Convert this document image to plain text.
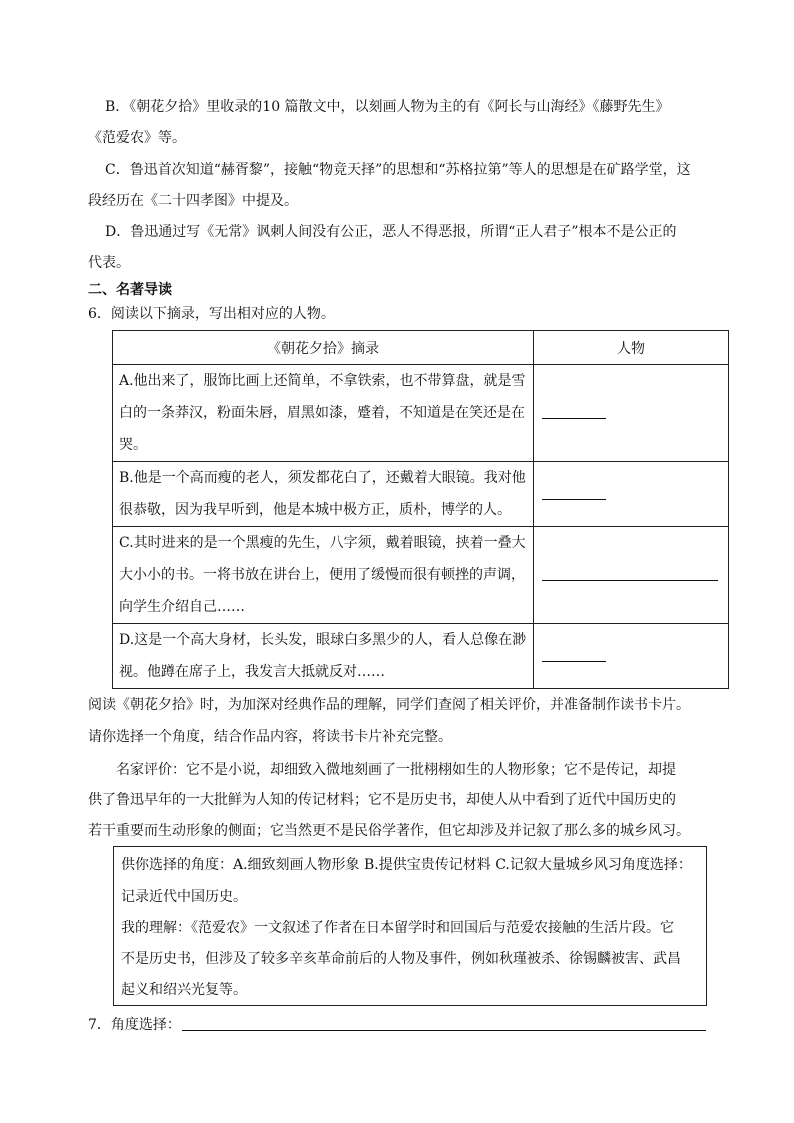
B．《朝花夕拾》里收录的10 篇散文中，以刻画人物为主的有《阿长与山海经》《藤野先生》
《范爱农》等。
C．鲁迅首次知道“赫胥黎”，接触“物竞天择”的思想和“苏格拉第”等人的思想是在矿路学堂，这
段经历在《二十四孝图》中提及。
D．鲁迅通过写《无常》讽刺人间没有公正，恶人不得恶报，所谓“正人君子”根本不是公正的
代表。
二、名著导读
6．阅读以下摘录，写出相对应的人物。
《朝花夕拾》摘录	人物

A.他出来了，服饰比画上还简单，不拿铁索，也不带算盘，就是雪白的一条莽汉，粉面朱唇，眉黑如漆，蹙着，不知道是在笑还是在哭。	

B.他是一个高而瘦的老人，须发都花白了，还戴着大眼镜。我对他很恭敬，因为我早听到，他是本城中极方正，质朴，博学的人。	

C.其时进来的是一个黑瘦的先生，八字须，戴着眼镜，挟着一叠大大小小的书。一将书放在讲台上，便用了缓慢而很有顿挫的声调，向学生介绍自己……	

D.这是一个高大身材，长头发，眼球白多黑少的人，看人总像在渺视。他蹲在席子上，我发言大抵就反对……	

阅读《朝花夕拾》时，为加深对经典作品的理解，同学们查阅了相关评价，并准备制作读书卡片。
请你选择一个角度，结合作品内容，将读书卡片补充完整。
名家评价：它不是小说，却细致入微地刻画了一批栩栩如生的人物形象；它不是传记，却提
供了鲁迅早年的一大批鲜为人知的传记材料；它不是历史书，却使人从中看到了近代中国历史的
若干重要而生动形象的侧面；它当然更不是民俗学著作，但它却涉及并记叙了那么多的城乡风习。
供你选择的角度：A.细致刻画人物形象 B.提供宝贵传记材料 C.记叙大量城乡风习角度选择：
记录近代中国历史。
我的理解：《范爱农》一文叙述了作者在日本留学时和回国后与范爱农接触的生活片段。它
不是历史书，但涉及了较多辛亥革命前后的人物及事件，例如秋瑾被杀、徐锡麟被害、武昌
起义和绍兴光复等。
7．角度选择：
